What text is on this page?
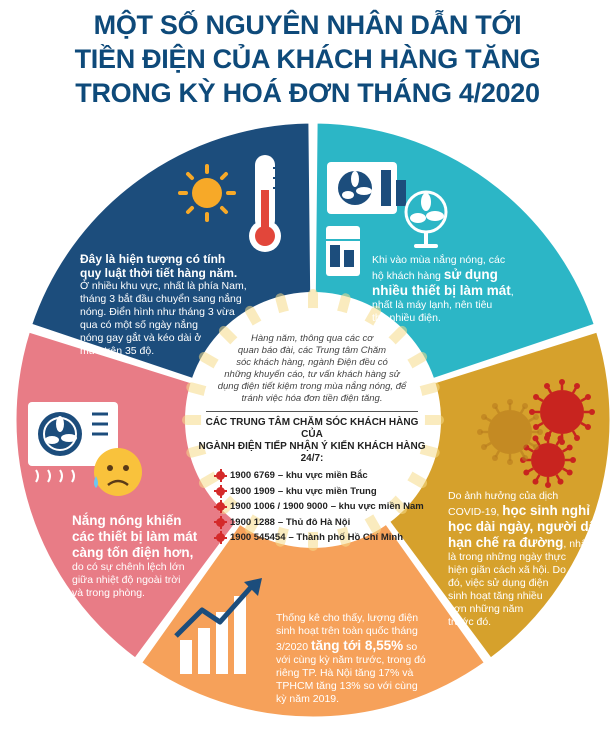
MỘT SỐ NGUYÊN NHÂN DẪN TỚI
TIỀN ĐIỆN CỦA KHÁCH HÀNG TĂNG
TRONG KỲ HOÁ ĐƠN THÁNG 4/2020
Đây là hiện tượng có tính
quy luật thời tiết hàng năm.
Ở nhiều khu vực, nhất là phía Nam,
tháng 3 bắt đầu chuyển sang nắng
nóng. Điển hình như tháng 3 vừa
qua có một số ngày nắng
nóng gay gắt và kéo dài ở
mức trên 35 độ.
Khi vào mùa nắng nóng, các
hộ khách hàng sử dụng
nhiều thiết bị làm mát,
nhất là máy lạnh, nên tiêu
thụ nhiều điện.
Do ảnh hưởng của dịch
COVID-19, học sinh nghỉ
học dài ngày, người dân
hạn chế ra đường, nhất
là trong những ngày thực
hiện giãn cách xã hội. Do
đó, việc sử dụng điện
sinh hoạt tăng nhiều
hơn những năm
trước đó.
Thống kê cho thấy, lượng điện
sinh hoạt trên toàn quốc tháng
3/2020 tăng tới 8,55% so
với cùng kỳ năm trước, trong đó
riêng TP. Hà Nội tăng 17% và
TPHCM tăng 13% so với cùng
kỳ năm 2019.
Nắng nóng khiến
các thiết bị làm mát
càng tốn điện hơn,
do có sự chênh lệch lớn
giữa nhiệt độ ngoài trời
và trong phòng.
Hàng năm, thông qua các cơ
quan báo đài, các Trung tâm Chăm
sóc khách hàng, ngành Điện đều có
những khuyến cáo, tư vấn khách hàng sử
dụng điện tiết kiệm trong mùa nắng nóng, để
tránh việc hóa đơn tiền điện tăng.
CÁC TRUNG TÂM CHĂM SÓC KHÁCH HÀNG CỦA
NGÀNH ĐIỆN TIẾP NHẬN Ý KIẾN KHÁCH HÀNG 24/7:
1900 6769 – khu vực miền Bắc
1900 1909 – khu vực miền Trung
1900 1006 / 1900 9000 – khu vực miền Nam
1900 1288 – Thủ đô Hà Nội
1900 545454 – Thành phố Hồ Chí Minh
